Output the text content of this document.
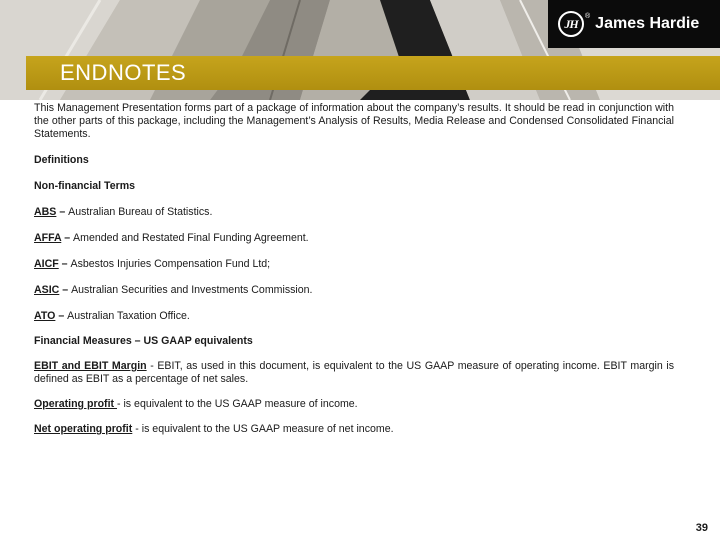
JH	® James Hardie
ENDNOTES

This Management Presentation forms part of a package of information about the company’s results. It should be read in conjunction with the other parts of this package, including the Management’s Analysis of Results, Media Release and Condensed Consolidated Financial Statements.

Definitions

Non-financial Terms

ABS – Australian Bureau of Statistics.

AFFA – Amended and Restated Final Funding Agreement.

AICF – Asbestos Injuries Compensation Fund Ltd;

ASIC – Australian Securities and Investments Commission.

ATO – Australian Taxation Office.

Financial Measures – US GAAP equivalents

EBIT and EBIT Margin - EBIT, as used in this document, is equivalent to the US GAAP measure of operating income. EBIT margin is defined as EBIT as a percentage of net sales.

Operating profit - is equivalent to the US GAAP measure of income.

Net operating profit - is equivalent to the US GAAP measure of net income.

39
